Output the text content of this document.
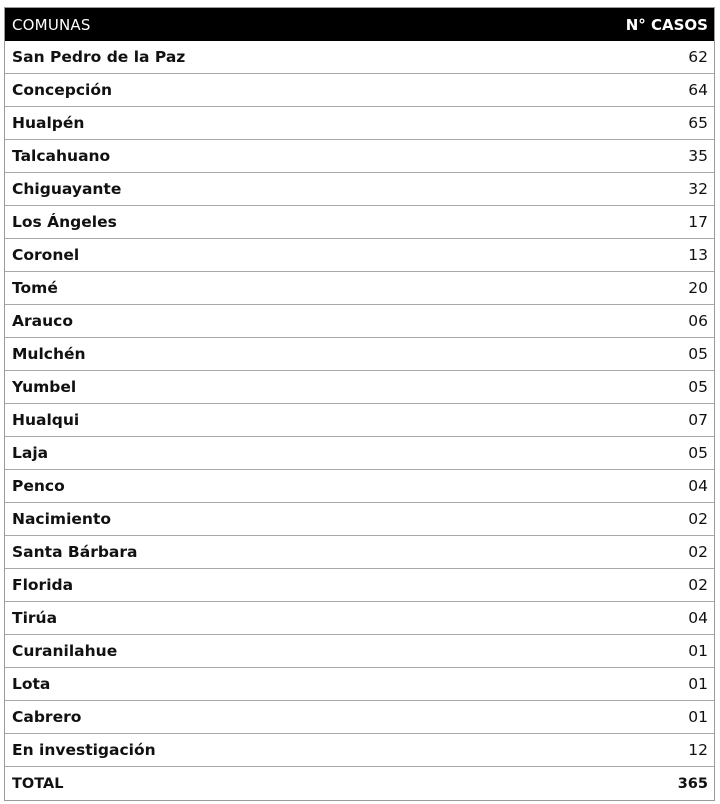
COMUNAS	N° CASOS
San Pedro de la Paz	62
Concepción	64
Hualpén	65
Talcahuano	35
Chiguayante	32
Los Ángeles	17
Coronel	13
Tomé	20
Arauco	06
Mulchén	05
Yumbel	05
Hualqui	07
Laja	05
Penco	04
Nacimiento	02
Santa Bárbara	02
Florida	02
Tirúa	04
Curanilahue	01
Lota	01
Cabrero	01
En investigación	12
TOTAL	365
